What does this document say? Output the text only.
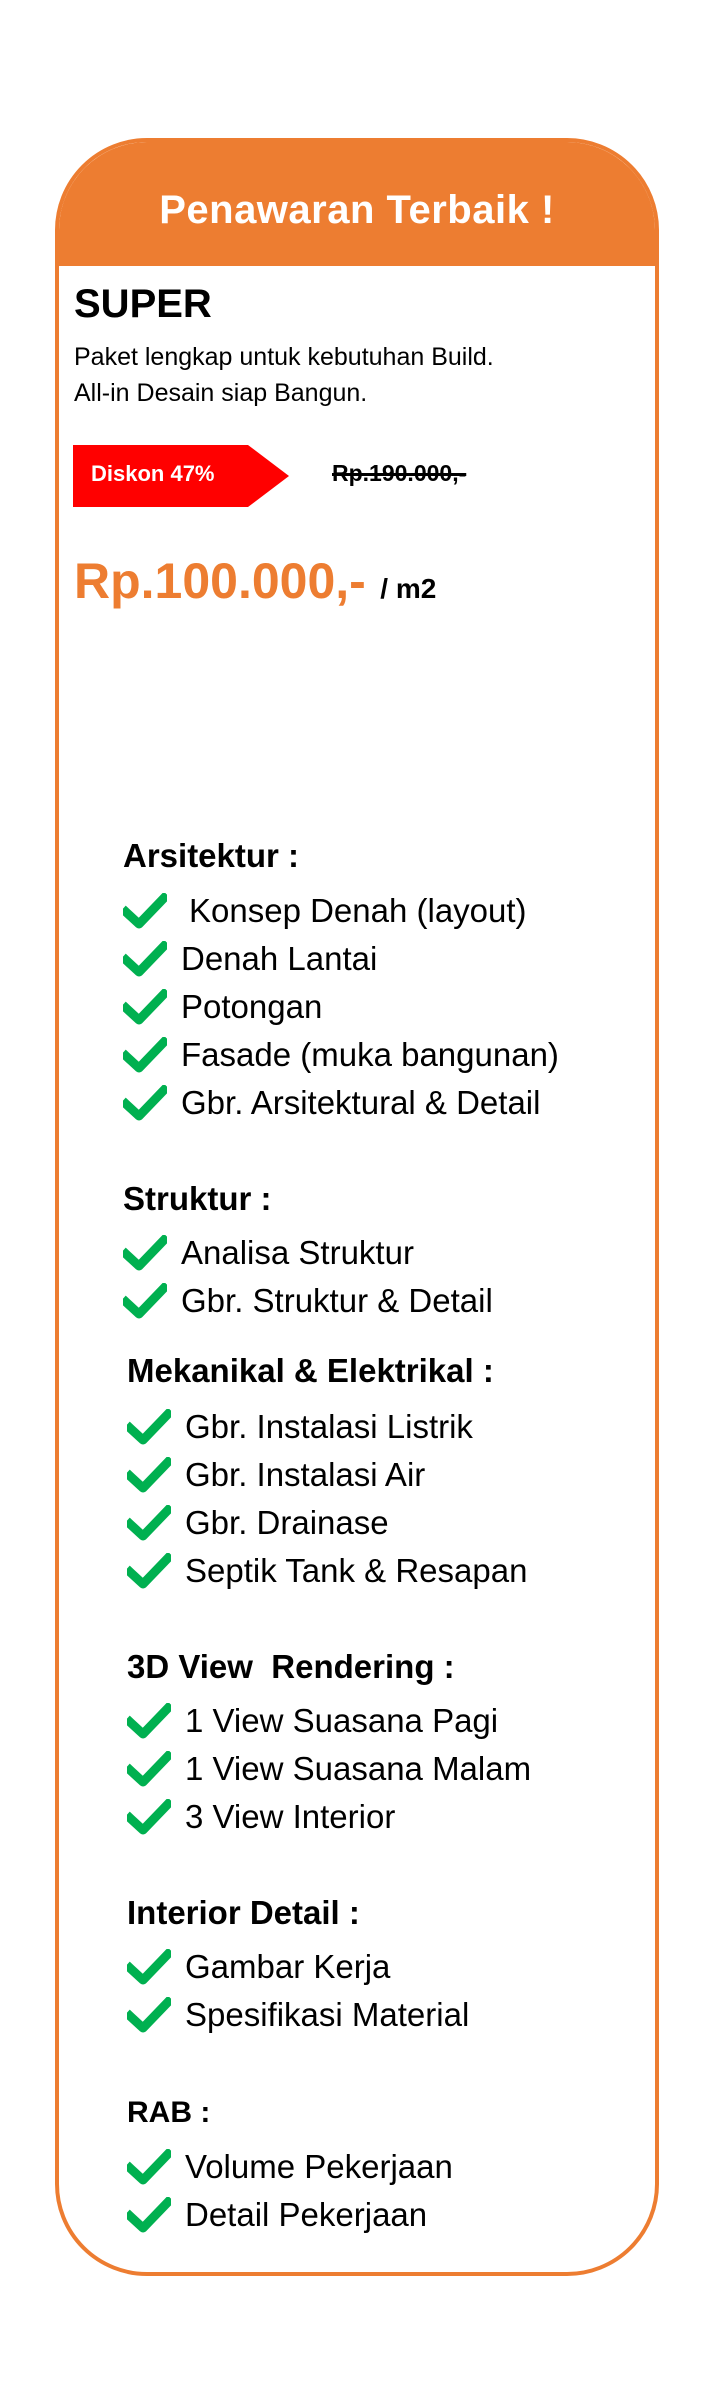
Penawaran Terbaik !
SUPER
Paket lengkap untuk kebutuhan Build.
All-in Desain siap Bangun.
Diskon 47%	Rp.190.000,-
Rp.100.000,- / m2
Arsitektur :
Konsep Denah (layout)
Denah Lantai
Potongan
Fasade (muka bangunan)
Gbr. Arsitektural & Detail
Struktur :
Analisa Struktur
Gbr. Struktur & Detail
Mekanikal & Elektrikal :
Gbr. Instalasi Listrik
Gbr. Instalasi Air
Gbr. Drainase
Septik Tank & Resapan
3D View  Rendering :
1 View Suasana Pagi
1 View Suasana Malam
3 View Interior
Interior Detail :
Gambar Kerja
Spesifikasi Material
RAB :
Volume Pekerjaan
Detail Pekerjaan
